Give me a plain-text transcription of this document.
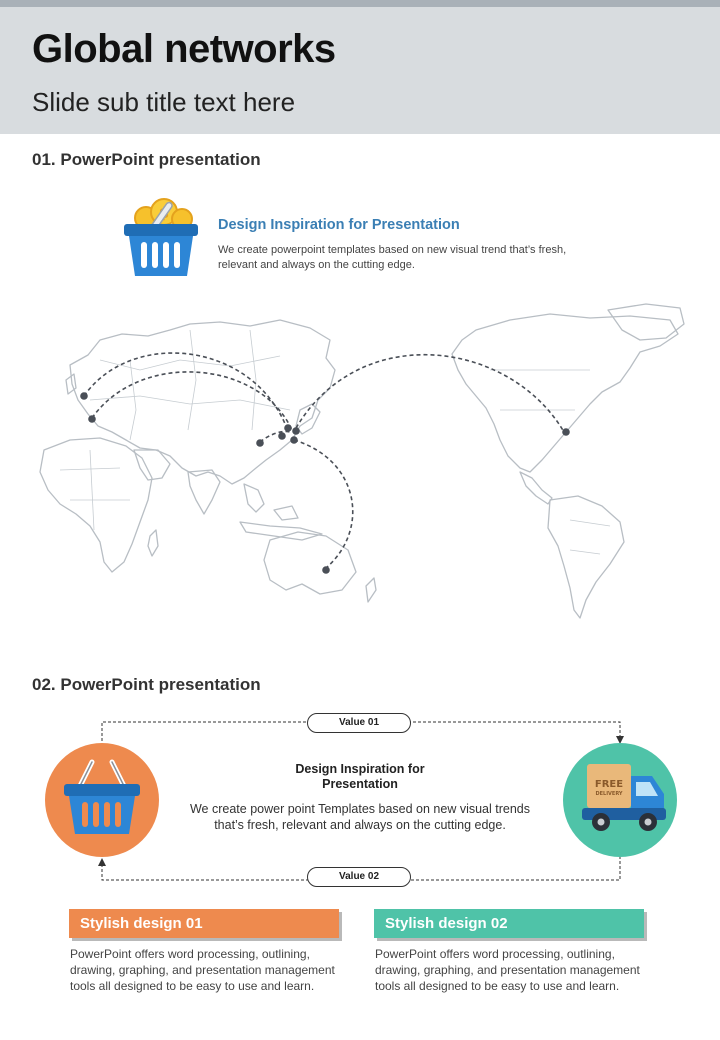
Global networks
Slide sub title text here
01. PowerPoint presentation
Design Inspiration for Presentation
We create powerpoint templates based on new visual trend that’s fresh, relevant and always on the cutting edge.
02. PowerPoint presentation
Value 01
Value 02
FREE
DELIVERY
Design Inspiration for Presentation
We create power point Templates based on new visual trends that’s fresh, relevant and always on the cutting edge.
Stylish design 01
PowerPoint offers word processing, outlining, drawing, graphing, and presentation management tools all designed to be easy to use and learn.
Stylish design 02
PowerPoint offers word processing, outlining, drawing, graphing, and presentation management tools all designed to be easy to use and learn.
